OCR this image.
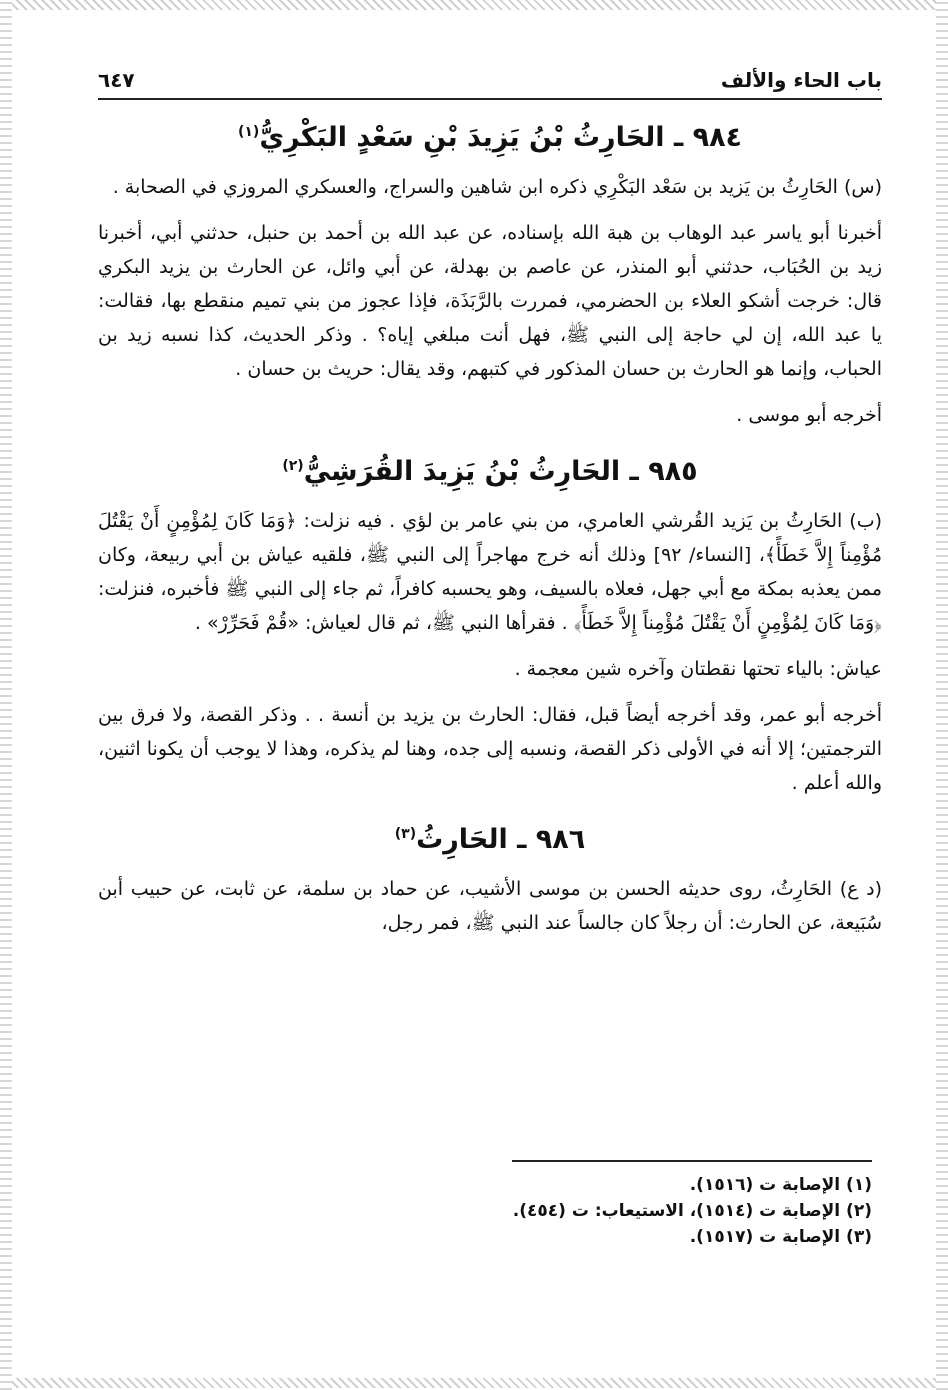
باب الحاء والألف
٦٤٧
٩٨٤ ـ الحَارِثُ بْنُ يَزِيدَ بْنِ سَعْدٍ البَكْرِيُّ$^{(١)}$

(س) الحَارِثُ بن يَزيد بن سَعْد البَكْرِي ذكره ابن شاهين والسراج، والعسكري المروزي في الصحابة .

أخبرنا أبو ياسر عبد الوهاب بن هبة الله بإسناده، عن عبد الله بن أحمد بن حنبل، حدثني أبي، أخبرنا زيد بن الحُبَاب، حدثني أبو المنذر، عن عاصم بن بهدلة، عن أبي وائل، عن الحارث بن يزيد البكري قال: خرجت أشكو العلاء بن الحضرمي، فمررت بالرَّبَذَة، فإذا عجوز من بني تميم منقطع بها، فقالت: يا عبد الله، إن لي حاجة إلى النبي ﷺ، فهل أنت مبلغي إياه؟ . وذكر الحديث، كذا نسبه زيد بن الحباب، وإنما هو الحارث بن حسان المذكور في كتبهم، وقد يقال: حريث بن حسان .

أخرجه أبو موسى .

٩٨٥ ـ الحَارِثُ بْنُ يَزِيدَ القُرَشِيُّ$^{(٢)}$

(ب) الحَارِثُ بن يَزيد القُرشي العامري، من بني عامر بن لؤي . فيه نزلت: ﴿وَمَا كَانَ لِمُؤْمِنٍ أَنْ يَقْتُلَ مُؤْمِناً إِلاَّ خَطَأً﴾، [النساء/ ٩٢] وذلك أنه خرج مهاجراً إلى النبي ﷺ، فلقيه عياش بن أبي ربيعة، وكان ممن يعذبه بمكة مع أبي جهل، فعلاه بالسيف، وهو يحسبه كافراً، ثم جاء إلى النبي ﷺ فأخبره، فنزلت: ﴿وَمَا كَانَ لِمُؤْمِنٍ أَنْ يَقْتُلَ مُؤْمِناً إِلاَّ خَطَأً﴾ . فقرأها النبي ﷺ، ثم قال لعياش: «قُمْ فَحَرِّرْ» .

عياش: بالياء تحتها نقطتان وآخره شين معجمة .

أخرجه أبو عمر، وقد أخرجه أيضاً قبل، فقال: الحارث بن يزيد بن أنسة . . وذكر القصة، ولا فرق بين الترجمتين؛ إلا أنه في الأولى ذكر القصة، ونسبه إلى جده، وهنا لم يذكره، وهذا لا يوجب أن يكونا اثنين، والله أعلم .

٩٨٦ ـ الحَارِثُ$^{(٣)}$

(د ع) الحَارِثُ، روى حديثه الحسن بن موسى الأشيب، عن حماد بن سلمة، عن ثابت، عن حبيب أبن سُبَيعة، عن الحارث: أن رجلاً كان جالساً عند النبي ﷺ، فمر رجل،

(١) الإصابة ت (١٥١٦).

(٢) الإصابة ت (١٥١٤)، الاستيعاب: ت (٤٥٤).

(٣) الإصابة ت (١٥١٧).
